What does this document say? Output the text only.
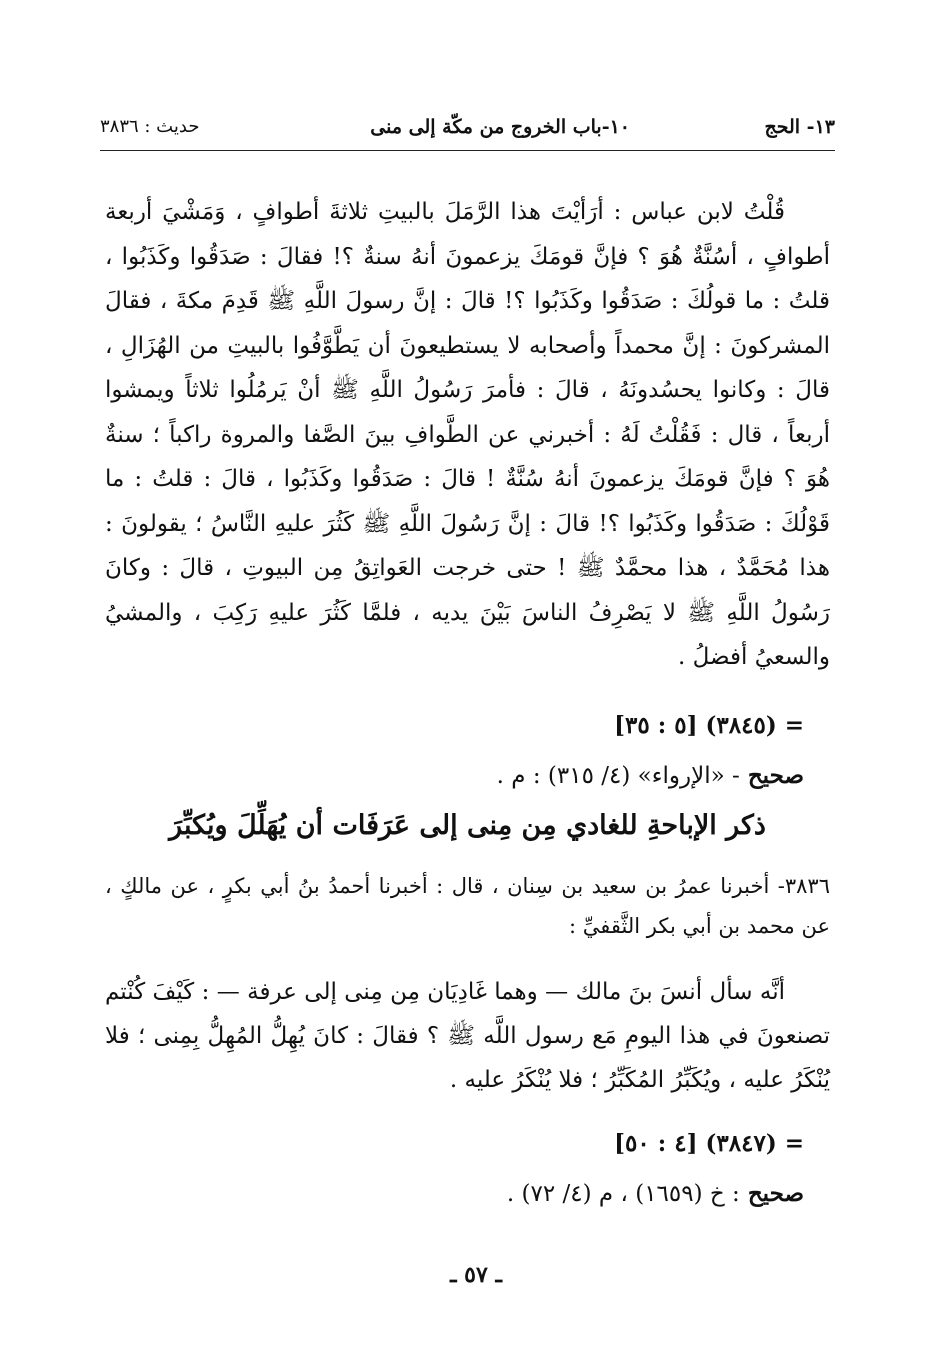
١٣- الحج
١٠-باب الخروج من مكّة إلى منى
حديث : ٣٨٣٦

قُلْتُ لابن عباس : أرَأيْتَ هذا الرَّمَلَ بالبيتِ ثلاثةَ أطوافٍ ، وَمَشْيَ أربعة أطوافٍ ، أسُنَّةٌ هُوَ ؟ فإنَّ قومَكَ يزعمونَ أنهُ سنةٌ ؟! فقالَ : صَدَقُوا وكَذَبُوا ، قلتُ : ما قولُكَ : صَدَقُوا وكَذَبُوا ؟! قالَ : إنَّ رسولَ اللَّهِ ﷺ قَدِمَ مكةَ ، فقالَ المشركونَ : إنَّ محمداً وأصحابه لا يستطيعونَ أن يَطَّوَّفُوا بالبيتِ من الهُزَالِ ، قالَ : وكانوا يحسُدونَهُ ، قالَ : فأمرَ رَسُولُ اللَّهِ ﷺ أنْ يَرمُلُوا ثلاثاً ويمشوا أربعاً ، قال : فَقُلْتُ لَهُ : أخبرني عن الطَّوافِ بينَ الصَّفا والمروة راكباً ؛ سنةٌ هُوَ ؟ فإنَّ قومَكَ يزعمونَ أنهُ سُنَّةٌ ! قالَ : صَدَقُوا وكَذَبُوا ، قالَ : قلتُ : ما قَوْلُكَ : صَدَقُوا وكَذَبُوا ؟! قالَ : إنَّ رَسُولَ اللَّهِ ﷺ كَثُرَ عليهِ النَّاسُ ؛ يقولونَ : هذا مُحَمَّدٌ ، هذا محمَّدٌ ﷺ ! حتى خرجت العَواتِقُ مِن البيوتِ ، قالَ : وكانَ رَسُولُ اللَّهِ ﷺ لا يَصْرِفُ الناسَ بَيْنَ يديه ، فلمَّا كَثُرَ عليهِ رَكِبَ ، والمشيُ والسعيُ أفضلُ .

= (٣٨٤٥) [٥ : ٣٥]
صحيح - «الإرواء» (٤/ ٣١٥) : م .
ذكر الإباحةِ للغادي مِن مِنى إلى عَرَفَات أن يُهَلِّلَ ويُكبِّرَ
٣٨٣٦- أخبرنا عمرُ بن سعيد بن سِنان ، قال : أخبرنا أحمدُ بنُ أبي بكرٍ ، عن مالكٍ ، عن محمد بن أبي بكر الثَّقفيِّ :

أنَّه سأل أنسَ بنَ مالك — وهما غَادِيَان مِن مِنى إلى عرفة — : كَيْفَ كُنْتم تصنعونَ في هذا اليومِ مَع رسول اللَّه ﷺ ؟ فقالَ : كانَ يُهِلُّ المُهِلُّ بِمِنى ؛ فلا يُنْكَرُ عليه ، ويُكَبِّرُ المُكَبِّرُ ؛ فلا يُنْكَرُ عليه .

= (٣٨٤٧) [٤ : ٥٠]
صحيح : خ (١٦٥٩) ، م (٤/ ٧٢) .
ـ ٥٧ ـ
